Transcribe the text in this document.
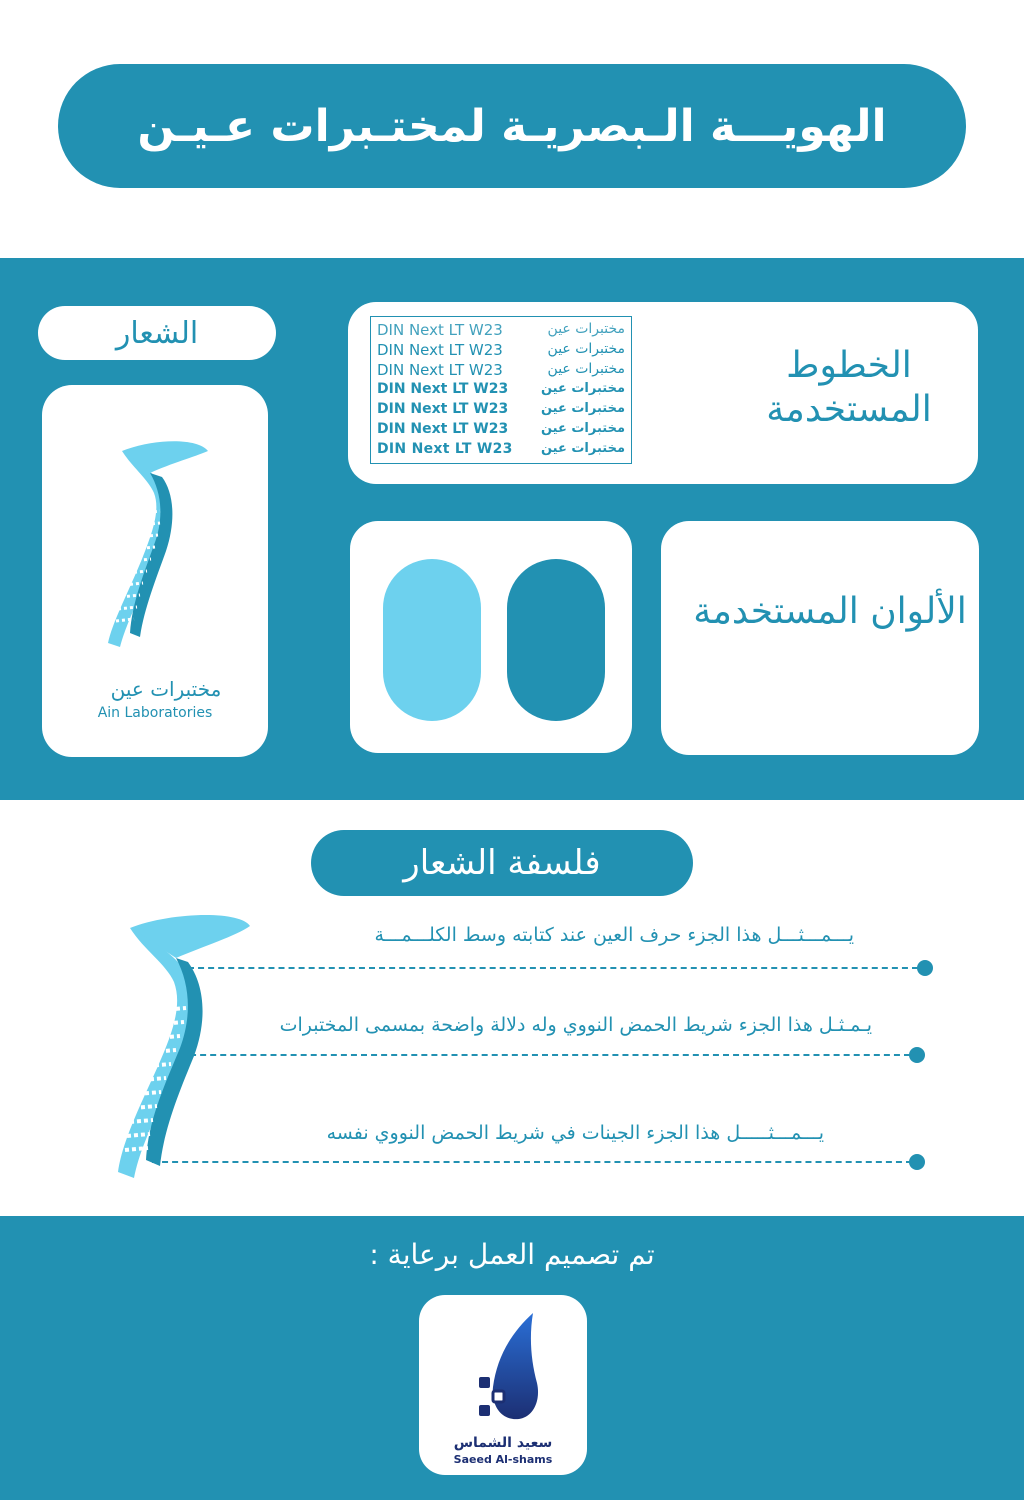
الهويـــة الـبصريـة لمختـبرات عـيـن
الشعار
مختبرات عين
Ain Laboratories
DIN Next LT W23	مختبرات عين
DIN Next LT W23	مختبرات عين
DIN Next LT W23	مختبرات عين
DIN Next LT W23	مختبرات عين
DIN Next LT W23	مختبرات عين
DIN Next LT W23	مختبرات عين
DIN Next LT W23 مختبرات عين
الخطوط المستخدمة
الألوان المستخدمة
فلسفة الشعار
يـــمـــثـــل هذا الجزء حرف العين عند كتابته وسط الكلـــمـــة
يـمـثـل هذا الجزء شريط الحمض النووي وله دلالة واضحة بمسمى المختبرات
يـــمـــثـــــل هذا الجزء الجينات في شريط الحمض النووي نفسه
تم تصميم العمل برعاية :
سعيد الشماس
Saeed Al-shams
